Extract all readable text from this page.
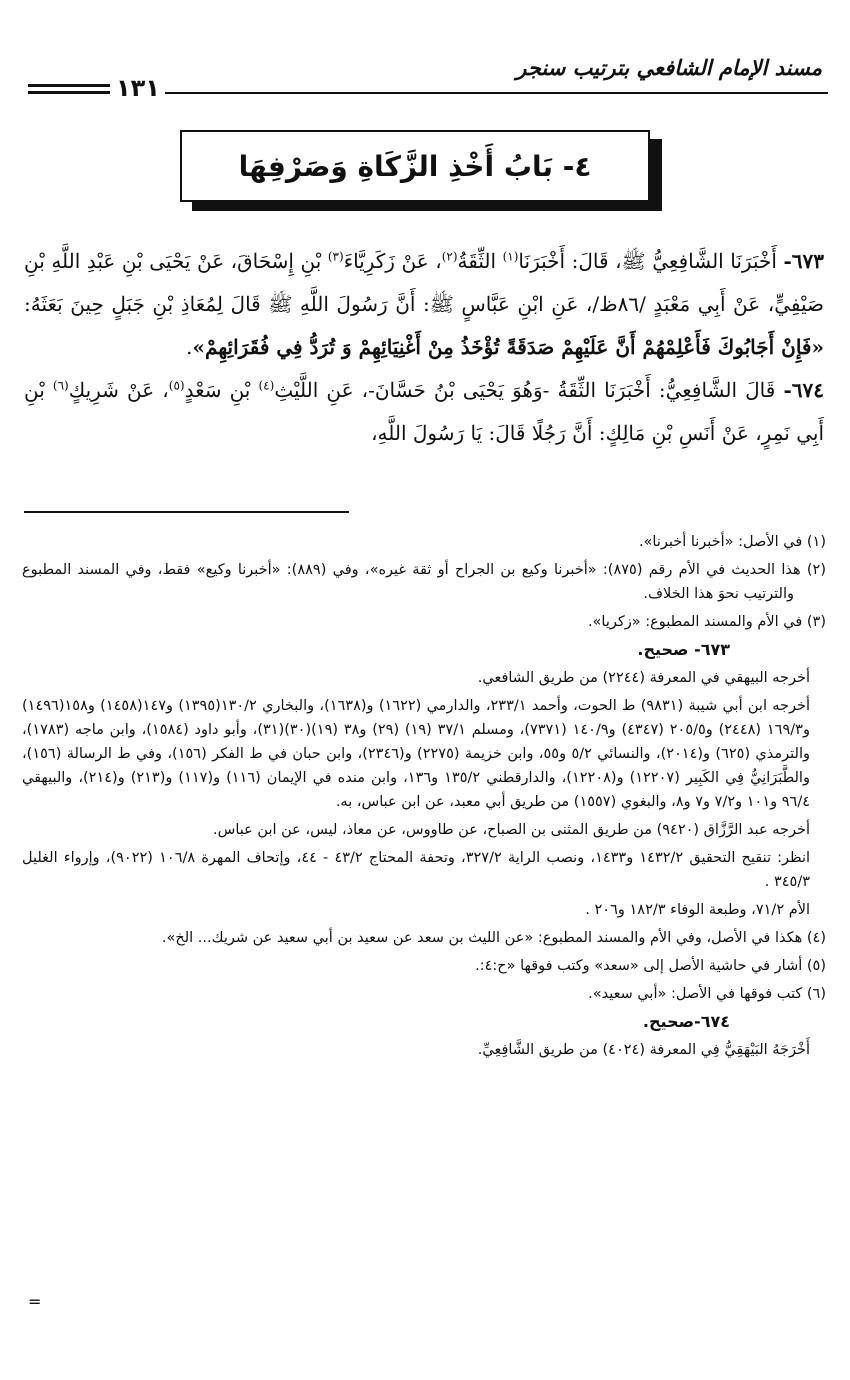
مسند الإمام الشافعي بترتيب سنجر
١٣١
٤- بَابُ أَخْذِ الزَّكَاةِ وَصَرْفِهَا

٦٧٣- أَخْبَرَنَا الشَّافِعِيُّ ﷺ، قَالَ: أَخْبَرَنَا$^{(١)}$ الثِّقَةُ$^{(٢)}$، عَنْ زَكَرِيَّاءَ$^{(٣)}$ بْنِ إِسْحَاقَ، عَنْ يَحْيَى بْنِ عَبْدِ اللَّهِ بْنِ صَيْفِيٍّ، عَنْ أَبِي مَعْبَدٍ /٨٦ظ/، عَنِ ابْنِ عَبَّاسٍ ﷺ: أَنَّ رَسُولَ اللَّهِ ﷺ قَالَ لِمُعَاذِ بْنِ جَبَلٍ حِينَ بَعَثَهُ: «فَإِنْ أَجَابُوكَ فَأَعْلِمْهُمْ أَنَّ عَلَيْهِمْ صَدَقَةً تُؤْخَذُ مِنْ أَغْنِيَائِهِمْ وَ تُرَدُّ فِي فُقَرَائِهِمْ».

٦٧٤- قَالَ الشَّافِعِيُّ: أَخْبَرَنَا الثِّقَةُ -وَهُوَ يَحْيَى بْنُ حَسَّانَ-، عَنِ اللَّيْثِ$^{(٤)}$ بْنِ سَعْدٍ$^{(٥)}$، عَنْ شَرِيكٍ$^{(٦)}$ بْنِ أَبِي نَمِرٍ، عَنْ أَنَسِ بْنِ مَالِكٍ: أَنَّ رَجُلًا قَالَ: يَا رَسُولَ اللَّهِ،

(١) في الأصل: «أخبرنا أخبرنا».

(٢) هذا الحديث في الأم رقم (٨٧٥): «أخبرنا وكيع بن الجراح أو ثقة غيره»، وفي (٨٨٩): «أخبرنا وكيع» فقط، وفي المسند المطبوع والترتيب نحوَ هذا الخلاف.

(٣) في الأم والمسند المطبوع: «زكريا».

٦٧٣- صحيح.

أخرجه البيهقي في المعرفة (٢٢٤٤) من طريق الشافعي.

أخرجه ابن أبي شيبة (٩٨٣١) ط الحوت، وأحمد ٢٣٣/١، والدارمي (١٦٢٢) و(١٦٣٨)، والبخاري ١٣٠/٢(١٣٩٥) و١٤٧(١٤٥٨) و١٥٨(١٤٩٦) و١٦٩/٣ (٢٤٤٨) و٢٠٥/٥ (٤٣٤٧) و١٤٠/٩ (٧٣٧١)، ومسلم ٣٧/١ (١٩) (٢٩) و٣٨ (١٩)(٣٠)(٣١)، وأبو داود (١٥٨٤)، وابن ماجه (١٧٨٣)، والترمذي (٦٢٥) و(٢٠١٤)، والنسائي ٥/٢ و٥٥، وابن خزيمة (٢٢٧٥) و(٢٣٤٦)، وابن حبان في ط الفكر (١٥٦)، وفي ط الرسالة (١٥٦)، والطَّبَرَانِيُّ فِي الكَبِير (١٢٢٠٧) و(١٢٢٠٨)، والدارقطني ١٣٥/٢ و١٣٦، وابن منده في الإيمان (١١٦) و(١١٧) و(٢١٣) و(٢١٤)، والبيهقي ٩٦/٤ و١٠١ و٧/٢ و٧ و٨، والبغوي (١٥٥٧) من طريق أبي معبد، عن ابن عباس، به.

أخرجه عبد الرَّزَّاق (٩٤٢٠) من طريق المثنى بن الصباح، عن طاووس، عن معاذ، ليس، عن ابن عباس.

انظر: تنقيح التحقيق ١٤٣٢/٢ و١٤٣٣، ونصب الراية ٣٢٧/٢، وتحفة المحتاج ٤٣/٢ - ٤٤، وإتحاف المهرة ١٠٦/٨ (٩٠٢٢)، وإرواء الغليل ٣٤٥/٣ .

الأم ٧١/٢، وطبعة الوفاء ١٨٢/٣ و٢٠٦ .

(٤) هكذا في الأصل، وفي الأم والمسند المطبوع: «عن الليث بن سعد عن سعيد بن أبي سعيد عن شريك... الخ».

(٥) أشار في حاشية الأصل إلى «سعد» وكتب فوقها «ح:٤:.

(٦) كتب فوقها في الأصل: «أبي سعيد».

٦٧٤-صحيح.

أَخْرَجَهُ البَيْهَقِيُّ فِي المعرفة (٤٠٢٤) من طريق الشَّافِعِيِّ.

=
